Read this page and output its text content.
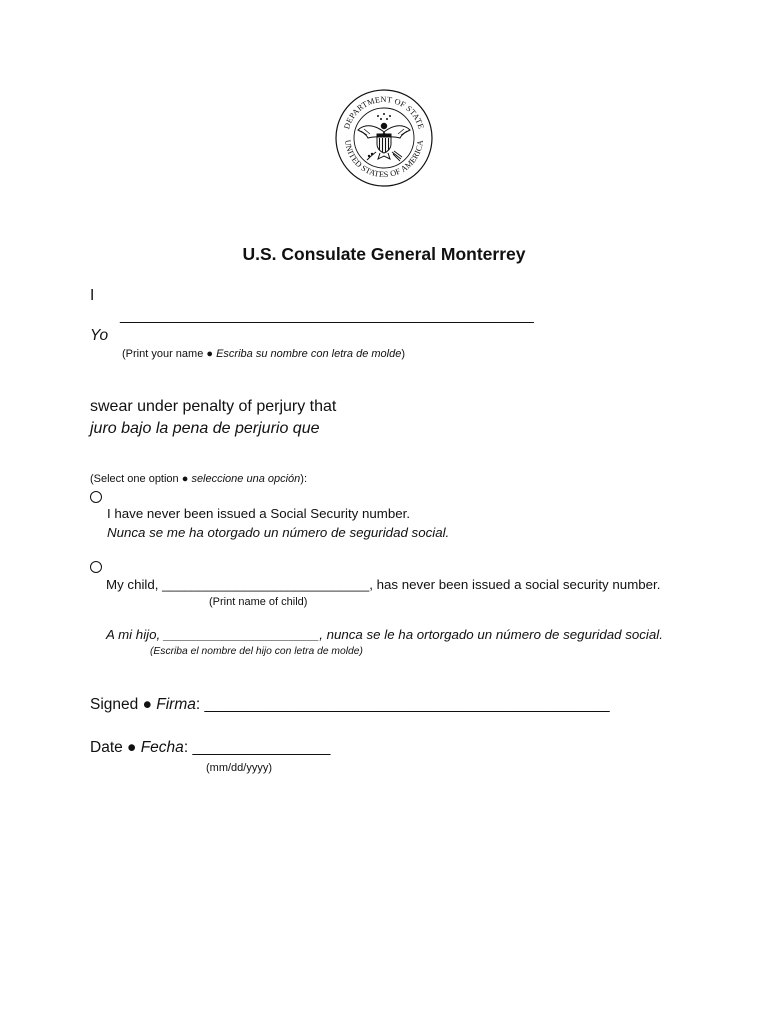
DEPARTMENT OF STATE
UNITED STATES OF AMERICA
U.S. Consulate General Monterrey
I
________________________________________________
Yo
(Print your name ● Escriba su nombre con letra de molde)
swear under penalty of perjury that
juro bajo la pena de perjurio que
(Select one option ● seleccione una opción):
I have never been issued a Social Security number.
Nunca se me ha otorgado un número de seguridad social.
My child, ____________________________, has never been issued a social security number.
(Print name of child)
A mi hijo, _____________________, nunca se le ha ortorgado un número de seguridad social.
(Escriba el nombre del hijo con letra de molde)
Signed ● Firma: _______________________________________________
Date ● Fecha: ________________
(mm/dd/yyyy)
